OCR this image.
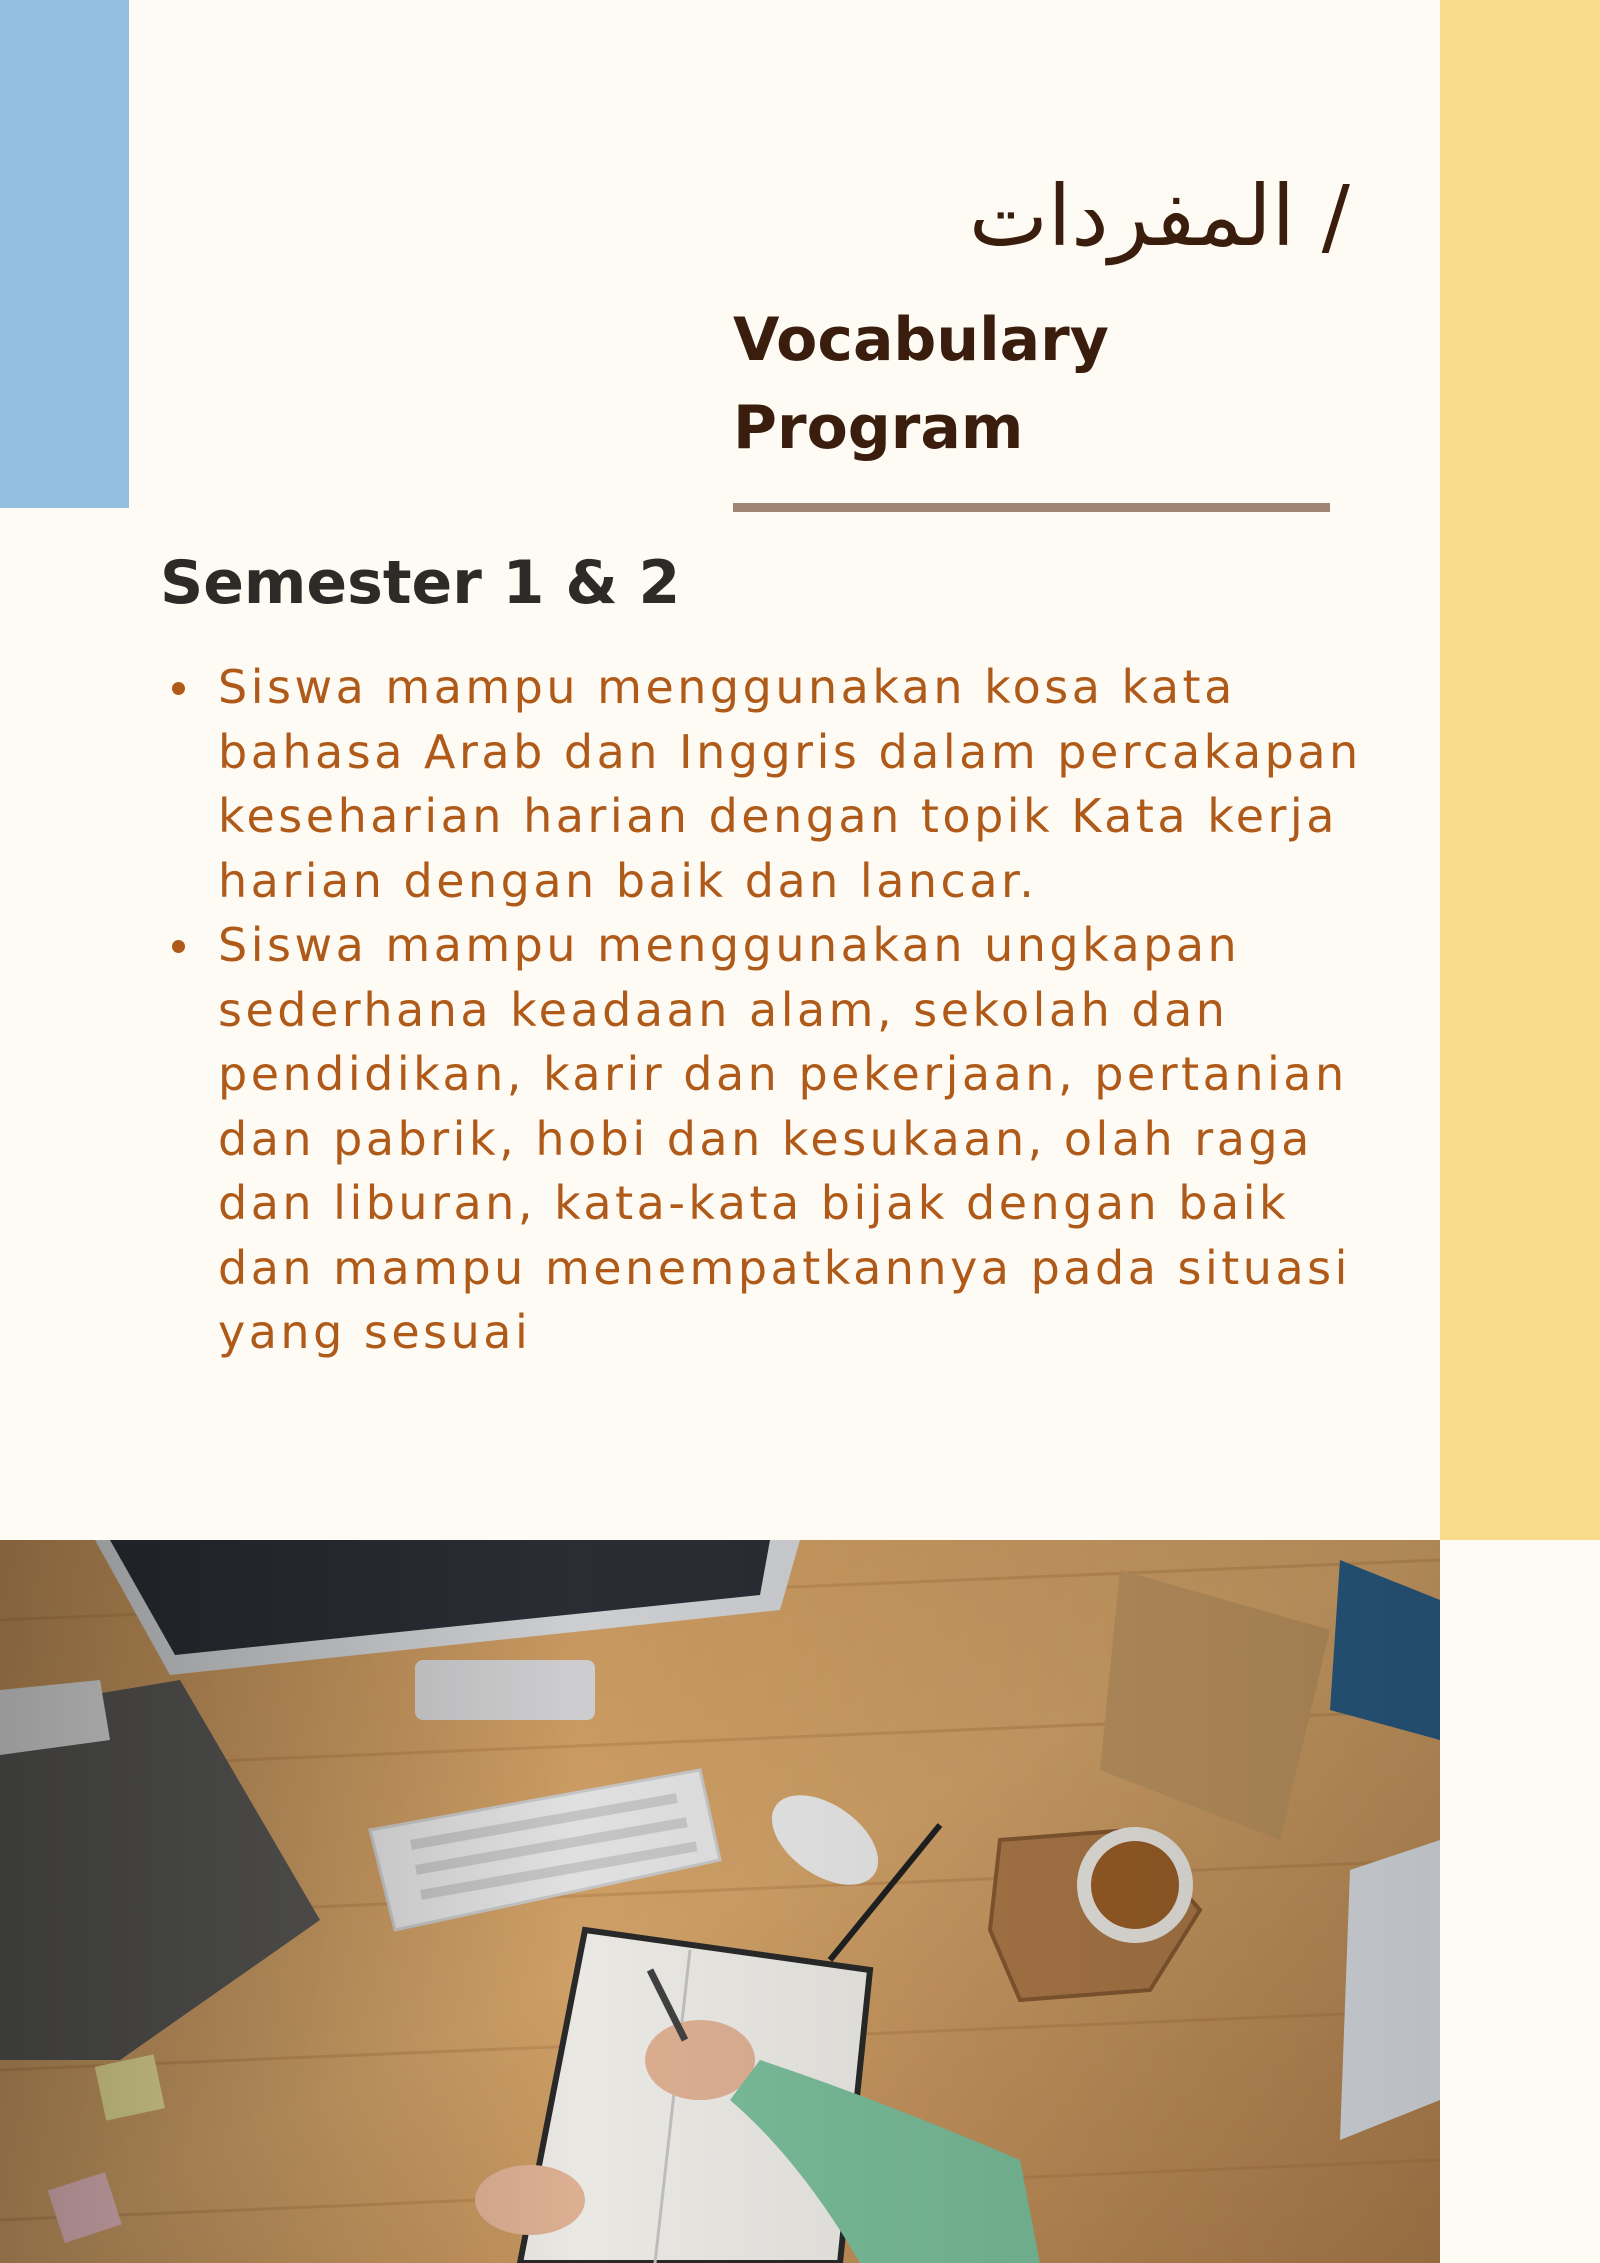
/ المفردات
Vocabulary
Program
Semester 1 & 2
Siswa mampu menggunakan kosa kata bahasa Arab dan Inggris dalam percakapan keseharian harian dengan topik Kata kerja harian dengan baik dan lancar.
Siswa mampu menggunakan ungkapan sederhana keadaan alam, sekolah dan pendidikan, karir dan pekerjaan, pertanian dan pabrik, hobi dan kesukaan, olah raga dan liburan, kata-kata bijak dengan baik dan mampu menempatkannya pada situasi yang sesuai
